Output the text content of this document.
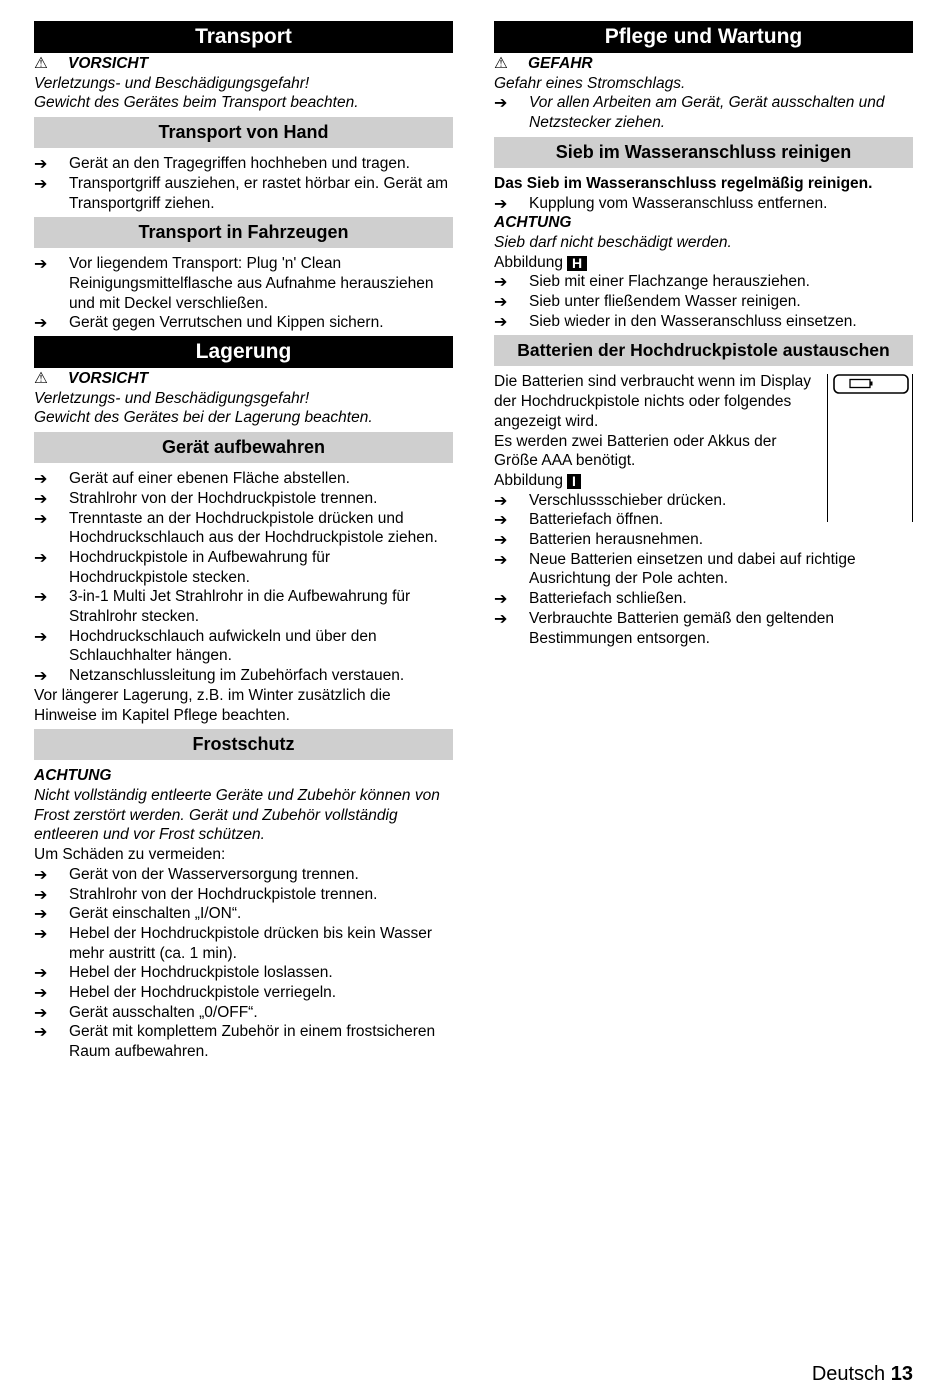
Transport

⚠ VORSICHT

Verletzungs- und Beschädigungsgefahr!

Gewicht des Gerätes beim Transport beachten.

Transport von Hand
➔ Gerät an den Tragegriffen hochheben und tragen.
➔ Transportgriff ausziehen, er rastet hörbar ein. Gerät am Transportgriff ziehen.
Transport in Fahrzeugen
➔ Vor liegendem Transport: Plug 'n' Clean Reinigungsmittelflasche aus Aufnahme herausziehen und mit Deckel verschließen.
➔ Gerät gegen Verrutschen und Kippen sichern.
Lagerung

⚠ VORSICHT

Verletzungs- und Beschädigungsgefahr!

Gewicht des Gerätes bei der Lagerung beachten.

Gerät aufbewahren
➔ Gerät auf einer ebenen Fläche abstellen.
➔ Strahlrohr von der Hochdruckpistole trennen.
➔ Trenntaste an der Hochdruckpistole drücken und Hochdruckschlauch aus der Hochdruckpistole ziehen.
➔ Hochdruckpistole in Aufbewahrung für Hochdruckpistole stecken.
➔ 3-in-1 Multi Jet Strahlrohr in die Aufbewahrung für Strahlrohr stecken.
➔ Hochdruckschlauch aufwickeln und über den Schlauchhalter hängen.
➔ Netzanschlussleitung im Zubehörfach verstauen.

Vor längerer Lagerung, z.B. im Winter zusätzlich die Hinweise im Kapitel Pflege beachten.

Frostschutz

ACHTUNG

Nicht vollständig entleerte Geräte und Zubehör können von Frost zerstört werden. Gerät und Zubehör vollständig entleeren und vor Frost schützen.

Um Schäden zu vermeiden:

➔ Gerät von der Wasserversorgung trennen.
➔ Strahlrohr von der Hochdruckpistole trennen.
➔ Gerät einschalten „I/ON“.
➔ Hebel der Hochdruckpistole drücken bis kein Wasser mehr austritt (ca. 1 min).
➔ Hebel der Hochdruckpistole loslassen.
➔ Hebel der Hochdruckpistole verriegeln.
➔ Gerät ausschalten „0/OFF“.
➔ Gerät mit komplettem Zubehör in einem frostsicheren Raum aufbewahren.
Pflege und Wartung

⚠ GEFAHR

Gefahr eines Stromschlags.

➔ Vor allen Arbeiten am Gerät, Gerät ausschalten und Netzstecker ziehen.
Sieb im Wasseranschluss reinigen

Das Sieb im Wasseranschluss regelmäßig reinigen.

➔ Kupplung vom Wasseranschluss entfernen.

ACHTUNG

Sieb darf nicht beschädigt werden.

Abbildung H

➔ Sieb mit einer Flachzange herausziehen.
➔ Sieb unter fließendem Wasser reinigen.
➔ Sieb wieder in den Wasseranschluss einsetzen.
Batterien der Hochdruckpistole austauschen

Die Batterien sind verbraucht wenn im Display der Hochdruckpistole nichts oder folgendes angezeigt wird.

Es werden zwei Batterien oder Akkus der Größe AAA benötigt.

Abbildung I

➔ Verschlussschieber drücken.
➔ Batteriefach öffnen.
➔ Batterien herausnehmen.
➔ Neue Batterien einsetzen und dabei auf richtige Ausrichtung der Pole achten.
➔ Batteriefach schließen.
➔ Verbrauchte Batterien gemäß den geltenden Bestimmungen entsorgen.
Deutsch 13
